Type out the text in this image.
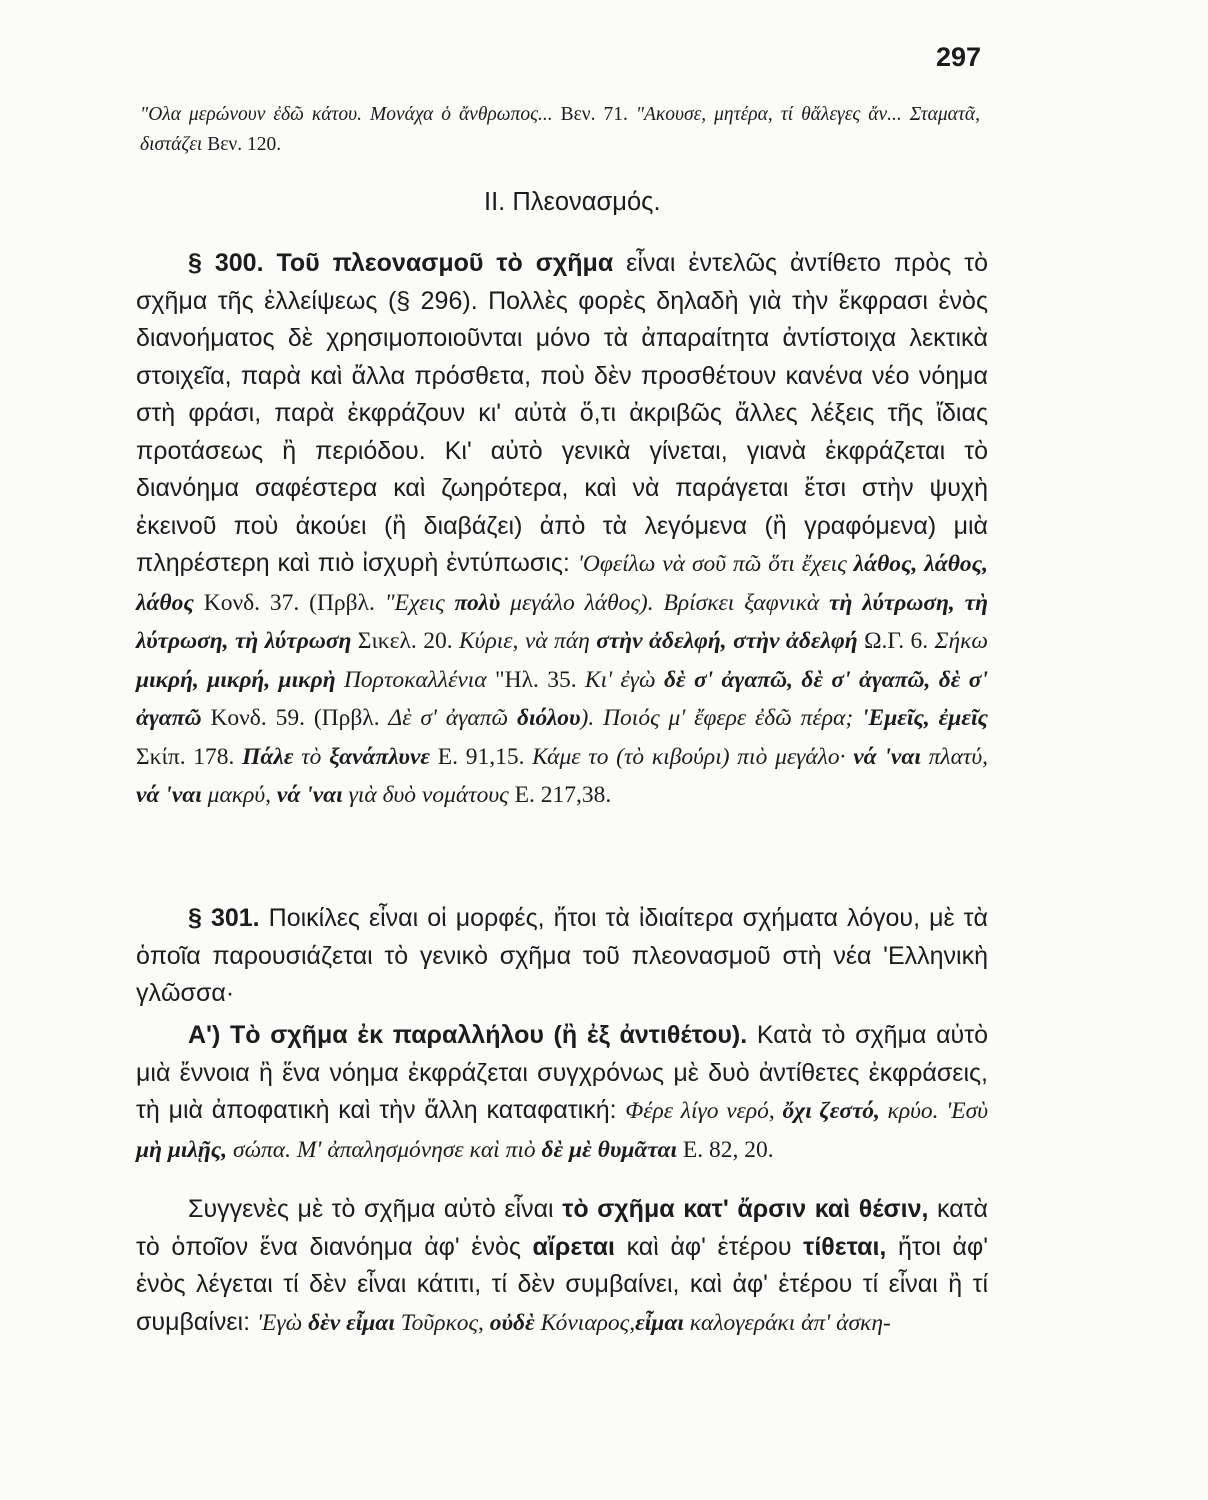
297
"Ολα μερώνουν ἐδῶ κάτου. Μονάχα ὁ ἄνθρωπος... Βεν. 71. "Ακουσε, μητέρα, τί θἄλεγες ἄν... Σταματᾶ, διστάζει Βεν. 120.
ΙΙ. Πλεονασμός.

§ 300. Τοῦ πλεονασμοῦ τὸ σχῆμα εἶναι ἐντελῶς ἀντίθετο πρὸς τὸ σχῆμα τῆς ἐλλείψεως (§ 296). Πολλὲς φορὲς δηλαδὴ γιὰ τὴν ἔκφρασι ἑνὸς διανοήματος δὲ χρησιμοποιοῦνται μόνο τὰ ἀπαραίτητα ἀντίστοιχα λεκτικὰ στοιχεῖα, παρὰ καὶ ἄλλα πρόσθετα, ποὺ δὲν προσθέτουν κανένα νέο νόημα στὴ φράσι, παρὰ ἐκφράζουν κι' αὐτὰ ὅ,τι ἀκριβῶς ἄλλες λέξεις τῆς ἴδιας προτάσεως ἢ περιόδου. Κι' αὐτὸ γενικὰ γίνεται, γιανὰ ἐκφράζεται τὸ διανόημα σαφέστερα καὶ ζωηρότερα, καὶ νὰ παράγεται ἔτσι στὴν ψυχὴ ἐκεινοῦ ποὺ ἀκούει (ἢ διαβάζει) ἀπὸ τὰ λεγόμενα (ἢ γραφόμενα) μιὰ πληρέστερη καὶ πιὸ ἰσχυρὴ ἐντύπωσις: 'Οφείλω νὰ σοῦ πῶ ὅτι ἔχεις λάθος, λάθος, λάθος Κονδ. 37. (Πρβλ. "Εχεις πολὺ μεγάλο λάθος). Βρίσκει ξαφνικὰ τὴ λύτρωση, τὴ λύτρωση, τὴ λύτρωση Σικελ. 20. Κύριε, νὰ πάη στὴν ἀδελφή, στὴν ἀδελφή Ω.Γ. 6. Σήκω μικρή, μικρή, μικρὴ Πορτοκαλλένια "Ηλ. 35. Κι' ἐγὼ δὲ σ' ἀγαπῶ, δὲ σ' ἀγαπῶ, δὲ σ' ἀγαπῶ Κονδ. 59. (Πρβλ. Δὲ σ' ἀγαπῶ διόλου). Ποιός μ' ἔφερε ἐδῶ πέρα; 'Εμεῖς, ἐμεῖς Σκίπ. 178. Πάλε τὸ ξανάπλυνε Ε. 91,15. Κάμε το (τὸ κιβούρι) πιὸ μεγάλο· νά 'ναι πλατύ, νά 'ναι μακρύ, νά 'ναι γιὰ δυὸ νομάτους Ε. 217,38.

§ 301. Ποικίλες εἶναι οἱ μορφές, ἤτοι τὰ ἰδιαίτερα σχήματα λόγου, μὲ τὰ ὁποῖα παρουσιάζεται τὸ γενικὸ σχῆμα τοῦ πλεονασμοῦ στὴ νέα 'Ελληνικὴ γλῶσσα·

Α') Τὸ σχῆμα ἐκ παραλλήλου (ἢ ἐξ ἀντιθέτου). Κατὰ τὸ σχῆμα αὐτὸ μιὰ ἔννοια ἢ ἕνα νόημα ἐκφράζεται συγχρόνως μὲ δυὸ ἀντίθετες ἐκφράσεις, τὴ μιὰ ἀποφατικὴ καὶ τὴν ἄλλη καταφατική: Φέρε λίγο νερό, ὄχι ζεστό, κρύο. 'Εσὺ μὴ μιλῇς, σώπα. Μ' ἀπαλησμόνησε καὶ πιὸ δὲ μὲ θυμᾶται Ε. 82, 20.

Συγγενὲς μὲ τὸ σχῆμα αὐτὸ εἶναι τὸ σχῆμα κατ' ἄρσιν καὶ θέσιν, κατὰ τὸ ὁποῖον ἕνα διανόημα ἀφ' ἑνὸς αἴρεται καὶ ἀφ' ἑτέρου τίθεται, ἤτοι ἀφ' ἑνὸς λέγεται τί δὲν εἶναι κάτιτι, τί δὲν συμβαίνει, καὶ ἀφ' ἑτέρου τί εἶναι ἢ τί συμβαίνει: 'Εγὼ δὲν εἶμαι Τοῦρκος, οὐδὲ Κόνιαρος,εἶμαι καλογεράκι ἀπ' ἀσκη-
